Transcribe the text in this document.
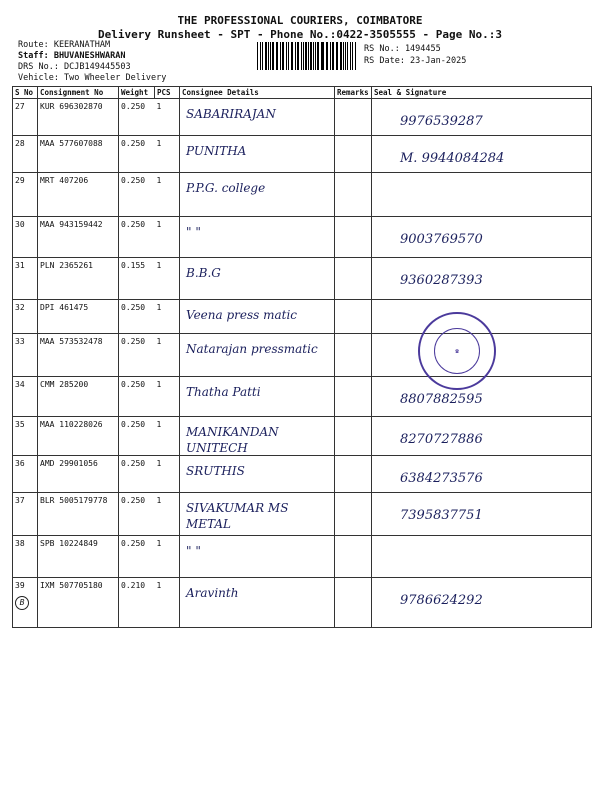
THE PROFESSIONAL COURIERS, COIMBATORE
Delivery Runsheet - SPT - Phone No.:0422-3505555 - Page No.:3
Route: KEERANATHAM
Staff: BHUVANESHWARAN
DRS No.: DCJB149445503
Vehicle: Two Wheeler Delivery
RS No.: 1494455
RS Date: 23-Jan-2025
S No	Consignment No	Weight	PCS	Consignee Details	Remarks	Seal & Signature
27	KUR 696302870	0.250	1	SABARIRAJAN		9976539287

28	MAA 577607088	0.250	1	PUNITHA		M. 9944084284

29	MRT 407206	0.250	1	P.P.G. college		

30	MAA 943159442	0.250	1	" "		9003769570

31	PLN 2365261	0.155	1	B.B.G		9360287393

32	DPI 461475	0.250	1	Veena press matic		

33	MAA 573532478	0.250	1	Natarajan pressmatic		

34	CMM 285200	0.250	1	Thatha Patti		8807882595

35	MAA 110228026	0.250	1	MANIKANDAN UNITECH		8270727886

36	AMD 29901056	0.250	1	SRUTHIS		6384273576

37	BLR 5005179778	0.250	1	SIVAKUMAR MS METAL		7395837751

38	SPB 10224849	0.250	1	" "		

39B	IXM 507705180	0.210	1	Aravinth		9786624292
☎
